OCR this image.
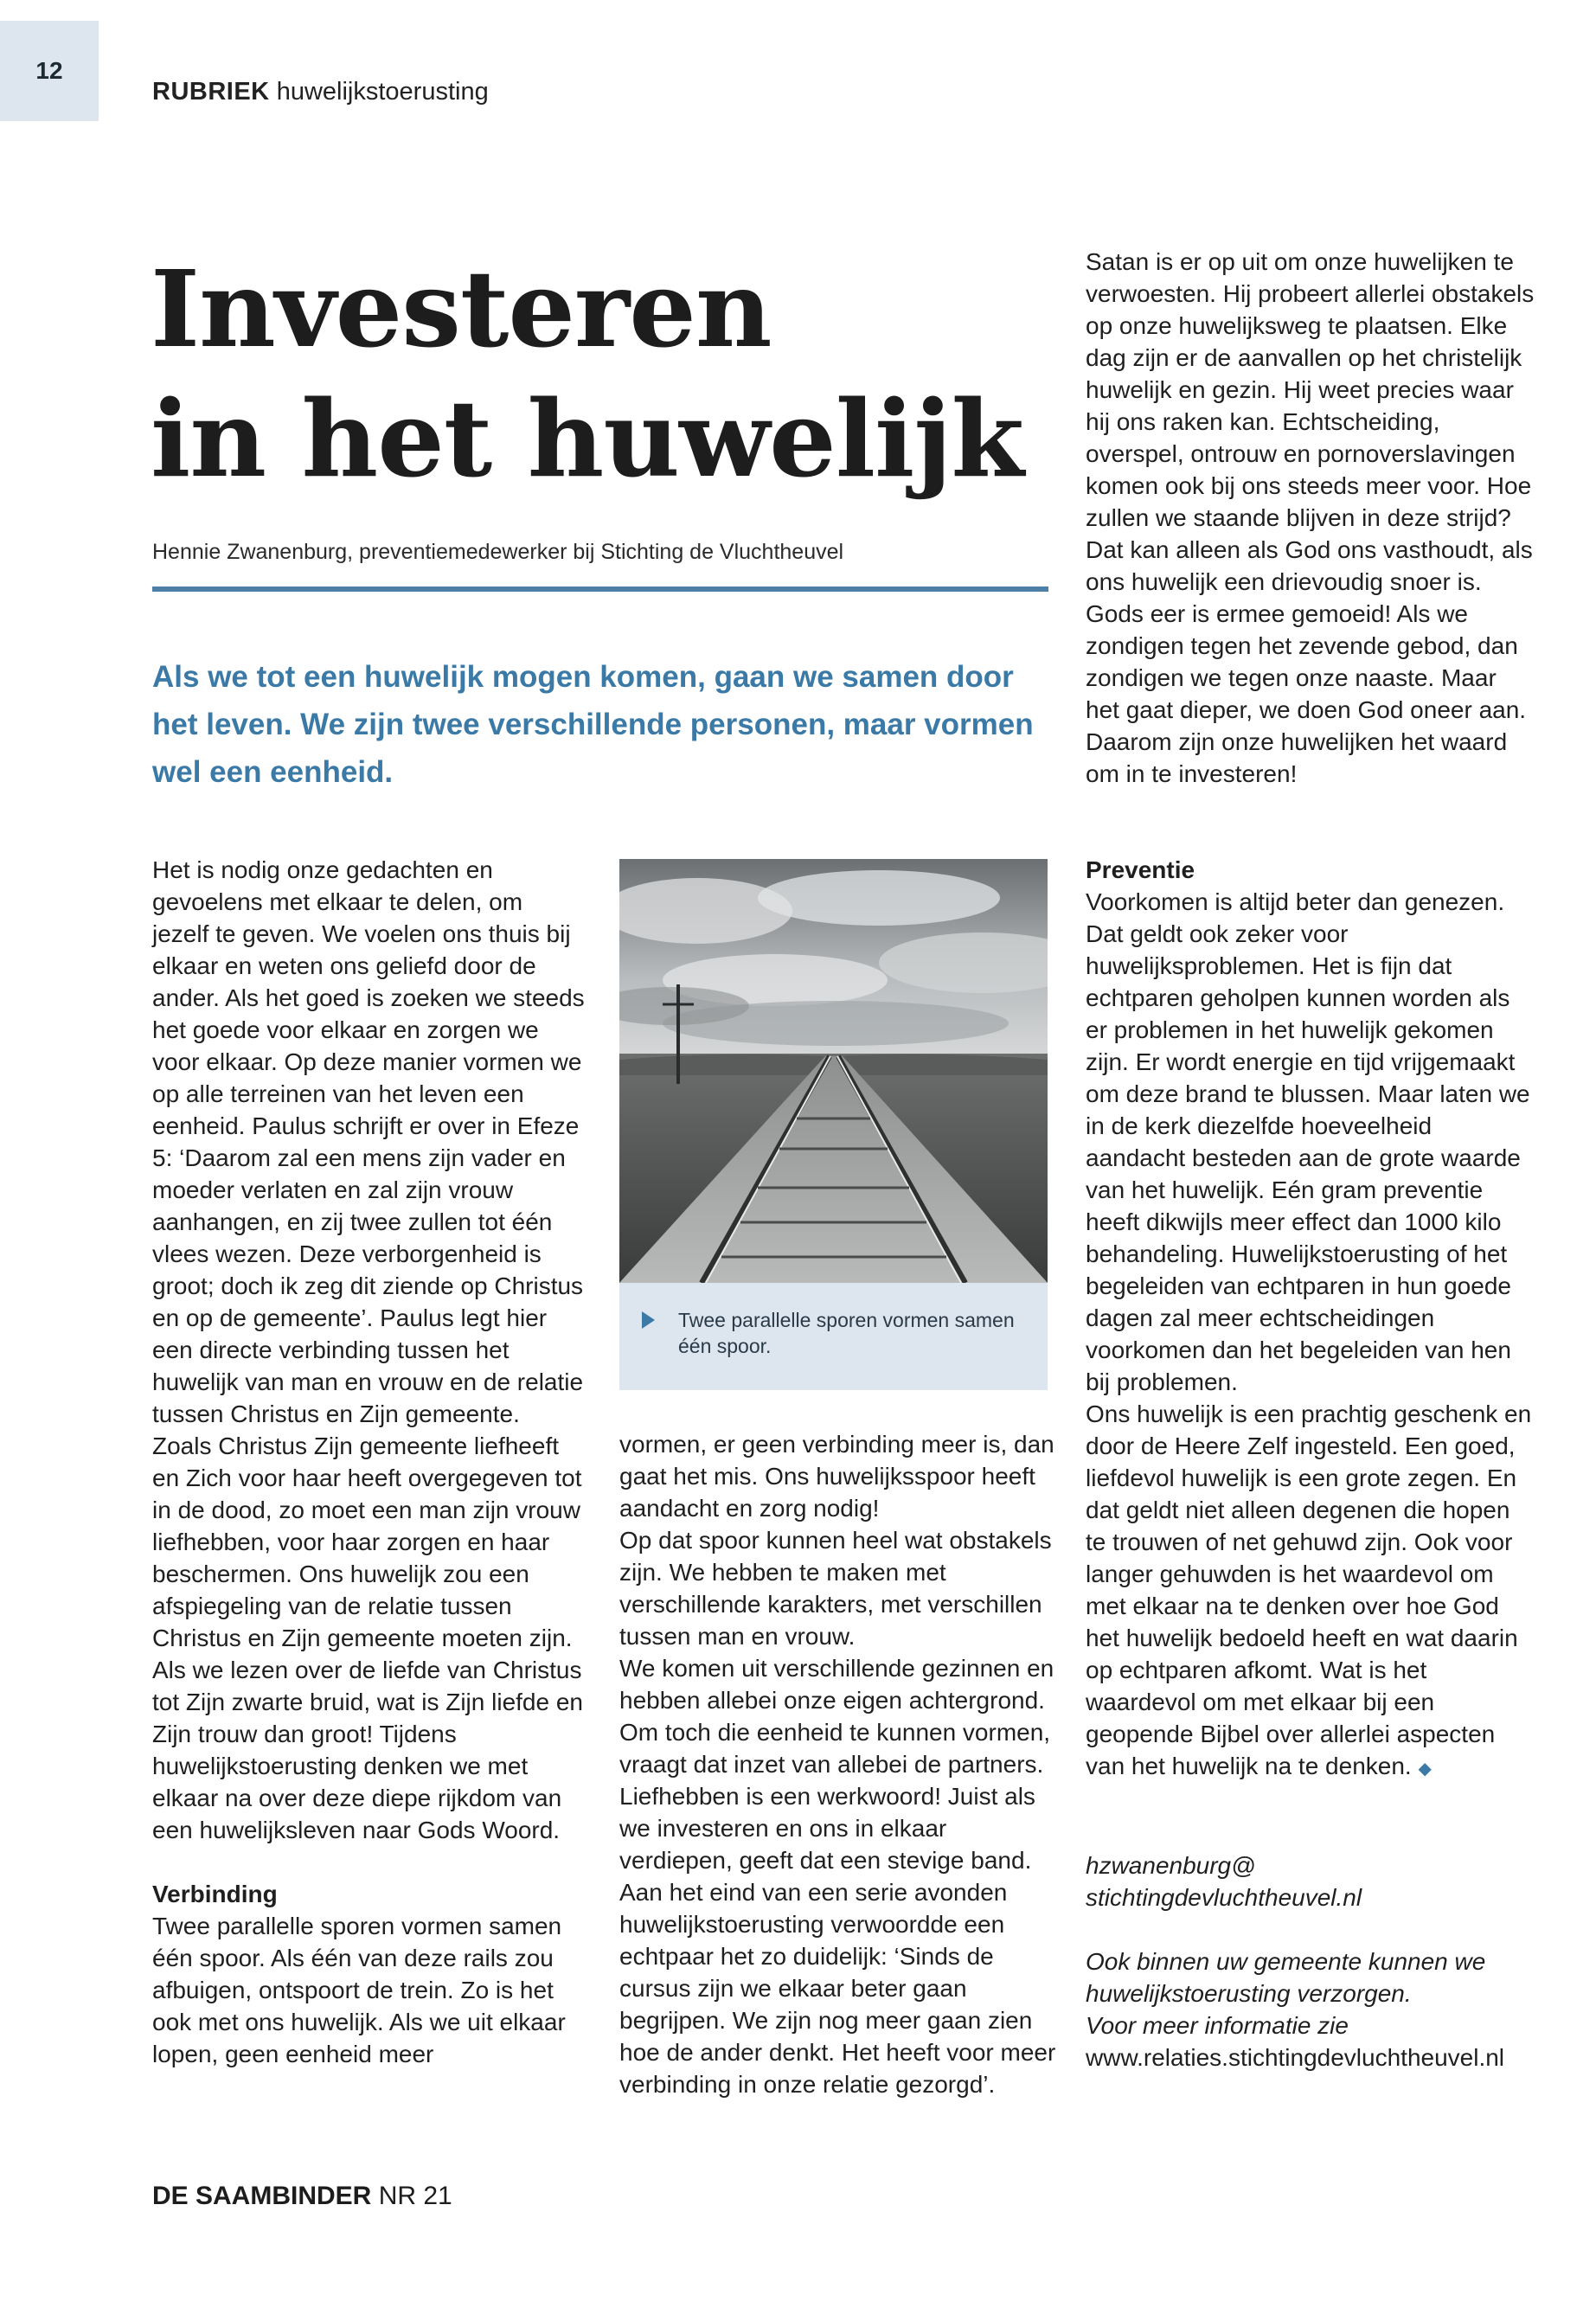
12
RUBRIEK huwelijkstoerusting
Investeren
in het huwelijk
Hennie Zwanenburg, preventiemedewerker bij Stichting de Vluchtheuvel
Als we tot een huwelijk mogen komen, gaan we samen door het leven. We zijn twee verschillende personen, maar vormen wel een eenheid.

Het is nodig onze gedachten en gevoelens met elkaar te delen, om jezelf te geven. We voelen ons thuis bij elkaar en weten ons geliefd door de ander. Als het goed is zoeken we steeds het goede voor elkaar en zorgen we voor elkaar. Op deze manier vormen we op alle terreinen van het leven een eenheid. Paulus schrijft er over in Efeze 5: ‘Daarom zal een mens zijn vader en moeder verlaten en zal zijn vrouw aanhangen, en zij twee zullen tot één vlees wezen. Deze verborgenheid is groot; doch ik zeg dit ziende op Christus en op de gemeente’. Paulus legt hier een directe verbinding tussen het huwelijk van man en vrouw en de relatie tussen Christus en Zijn gemeente. Zoals Christus Zijn gemeente liefheeft en Zich voor haar heeft overgegeven tot in de dood, zo moet een man zijn vrouw liefhebben, voor haar zorgen en haar beschermen. Ons huwelijk zou een afspiegeling van de relatie tussen Christus en Zijn gemeente moeten zijn. Als we lezen over de liefde van Christus tot Zijn zwarte bruid, wat is Zijn liefde en Zijn trouw dan groot! Tijdens huwelijkstoerusting denken we met elkaar na over deze diepe rijkdom van een huwelijksleven naar Gods Woord.

Verbinding

Twee parallelle sporen vormen samen één spoor. Als één van deze rails zou afbuigen, ontspoort de trein. Zo is het ook met ons huwelijk. Als we uit elkaar lopen, geen eenheid meer

Twee parallelle sporen vormen samen één spoor.

vormen, er geen verbinding meer is, dan gaat het mis. Ons huwelijksspoor heeft aandacht en zorg nodig!

Op dat spoor kunnen heel wat obstakels zijn. We hebben te maken met verschillende karakters, met verschillen tussen man en vrouw.

We komen uit verschillende gezinnen en hebben allebei onze eigen achtergrond. Om toch die eenheid te kunnen vormen, vraagt dat inzet van allebei de partners. Liefhebben is een werkwoord! Juist als we investeren en ons in elkaar verdiepen, geeft dat een stevige band. Aan het eind van een serie avonden huwelijkstoerusting verwoordde een echtpaar het zo duidelijk: ‘Sinds de cursus zijn we elkaar beter gaan begrijpen. We zijn nog meer gaan zien hoe de ander denkt. Het heeft voor meer verbinding in onze relatie gezorgd’.

Satan is er op uit om onze huwelijken te verwoesten. Hij probeert allerlei obstakels op onze huwelijksweg te plaatsen. Elke dag zijn er de aanvallen op het christelijk huwelijk en gezin. Hij weet precies waar hij ons raken kan. Echtscheiding, overspel, ontrouw en pornoverslavingen komen ook bij ons steeds meer voor. Hoe zullen we staande blijven in deze strijd? Dat kan alleen als God ons vasthoudt, als ons huwelijk een drievoudig snoer is. Gods eer is ermee gemoeid! Als we zondigen tegen het zevende gebod, dan zondigen we tegen onze naaste. Maar het gaat dieper, we doen God oneer aan. Daarom zijn onze huwelijken het waard om in te investeren!

Preventie

Voorkomen is altijd beter dan genezen. Dat geldt ook zeker voor huwelijksproblemen. Het is fijn dat echtparen geholpen kunnen worden als er problemen in het huwelijk gekomen zijn. Er wordt energie en tijd vrijgemaakt om deze brand te blussen. Maar laten we in de kerk diezelfde hoeveelheid aandacht besteden aan de grote waarde van het huwelijk. Eén gram preventie heeft dikwijls meer effect dan 1000 kilo behandeling. Huwelijkstoerusting of het begeleiden van echtparen in hun goede dagen zal meer echtscheidingen voorkomen dan het begeleiden van hen bij problemen.

Ons huwelijk is een prachtig geschenk en door de Heere Zelf ingesteld. Een goed, liefdevol huwelijk is een grote zegen. En dat geldt niet alleen degenen die hopen te trouwen of net gehuwd zijn. Ook voor langer gehuwden is het waardevol om met elkaar na te denken over hoe God het huwelijk bedoeld heeft en wat daarin op echtparen afkomt. Wat is het waardevol om met elkaar bij een geopende Bijbel over allerlei aspecten van het huwelijk na te denken. ◆

hzwanenburg@
stichtingdevluchtheuvel.nl

Ook binnen uw gemeente kunnen we
huwelijkstoerusting verzorgen.
Voor meer informatie zie

www.relaties.stichtingdevluchtheuvel.nl

DE SAAMBINDER NR 21
